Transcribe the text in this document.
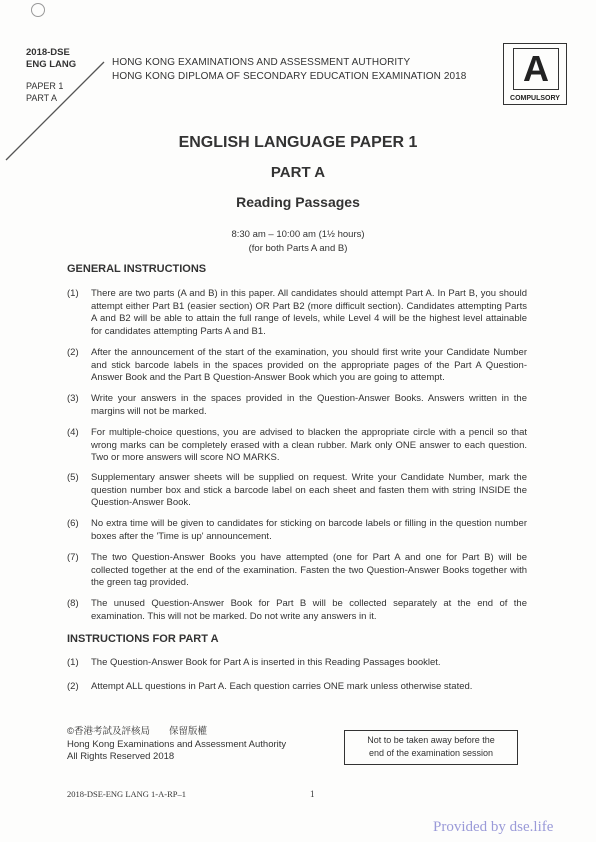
2018-DSE
ENG LANG
PAPER 1
PART A
HONG KONG EXAMINATIONS AND ASSESSMENT AUTHORITY
HONG KONG DIPLOMA OF SECONDARY EDUCATION EXAMINATION 2018	A
COMPULSORY
ENGLISH LANGUAGE PAPER 1
PART A
Reading Passages
8:30 am – 10:00 am (1½ hours)
(for both Parts A and B)
GENERAL INSTRUCTIONS
(1) There are two parts (A and B) in this paper. All candidates should attempt Part A. In Part B, you should attempt either Part B1 (easier section) OR Part B2 (more difficult section). Candidates attempting Parts A and B2 will be able to attain the full range of levels, while Level 4 will be the highest level attainable for candidates attempting Parts A and B1.
(2) After the announcement of the start of the examination, you should first write your Candidate Number and stick barcode labels in the spaces provided on the appropriate pages of the Part A Question-Answer Book and the Part B Question-Answer Book which you are going to attempt.
(3) Write your answers in the spaces provided in the Question-Answer Books. Answers written in the margins will not be marked.
(4) For multiple-choice questions, you are advised to blacken the appropriate circle with a pencil so that wrong marks can be completely erased with a clean rubber. Mark only ONE answer to each question. Two or more answers will score NO MARKS.
(5) Supplementary answer sheets will be supplied on request. Write your Candidate Number, mark the question number box and stick a barcode label on each sheet and fasten them with string INSIDE the Question-Answer Book.
(6) No extra time will be given to candidates for sticking on barcode labels or filling in the question number boxes after the 'Time is up' announcement.
(7) The two Question-Answer Books you have attempted (one for Part A and one for Part B) will be collected together at the end of the examination. Fasten the two Question-Answer Books together with the green tag provided.
(8) The unused Question-Answer Book for Part B will be collected separately at the end of the examination. This will not be marked. Do not write any answers in it.
INSTRUCTIONS FOR PART A
(1) The Question-Answer Book for Part A is inserted in this Reading Passages booklet.
(2) Attempt ALL questions in Part A. Each question carries ONE mark unless otherwise stated.
©香港考試及評核局　　保留版權
Hong Kong Examinations and Assessment Authority
All Rights Reserved 2018
Not to be taken away before the
end of the examination session
2018-DSE-ENG LANG 1-A-RP–1	1
Provided by dse.life
